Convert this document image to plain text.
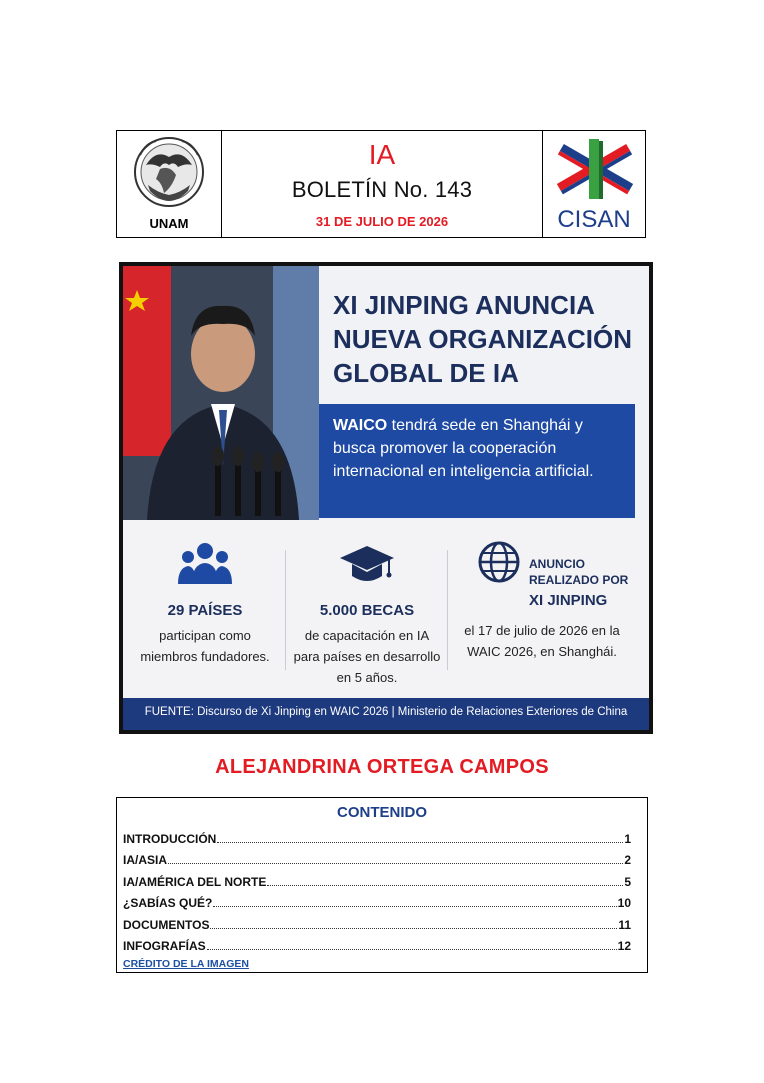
UNAM
IA
BOLETÍN No. 143
31 DE JULIO DE 2026	CISAN
XI JINPING ANUNCIA NUEVA ORGANIZACIÓN GLOBAL DE IA
WAICO tendrá sede en Shanghái y busca promover la cooperación internacional en inteligencia artificial.
29 PAÍSES
participan como
miembros fundadores.
5.000 BECAS
de capacitación en IA
para países en desarrollo
en 5 años.
ANUNCIO
REALIZADO POR
XI JINPING
el 17 de julio de 2026 en la
WAIC 2026, en Shanghái.
FUENTE: Discurso de Xi Jinping en WAIC 2026 | Ministerio de Relaciones Exteriores de China
ALEJANDRINA ORTEGA CAMPOS
CONTENIDO
INTRODUCCIÓN	1
IA/ASIA	2
IA/AMÉRICA DEL NORTE	5
¿SABÍAS QUÉ?	10
DOCUMENTOS	11
INFOGRAFÍAS	12
CRÉDITO DE LA IMAGEN
